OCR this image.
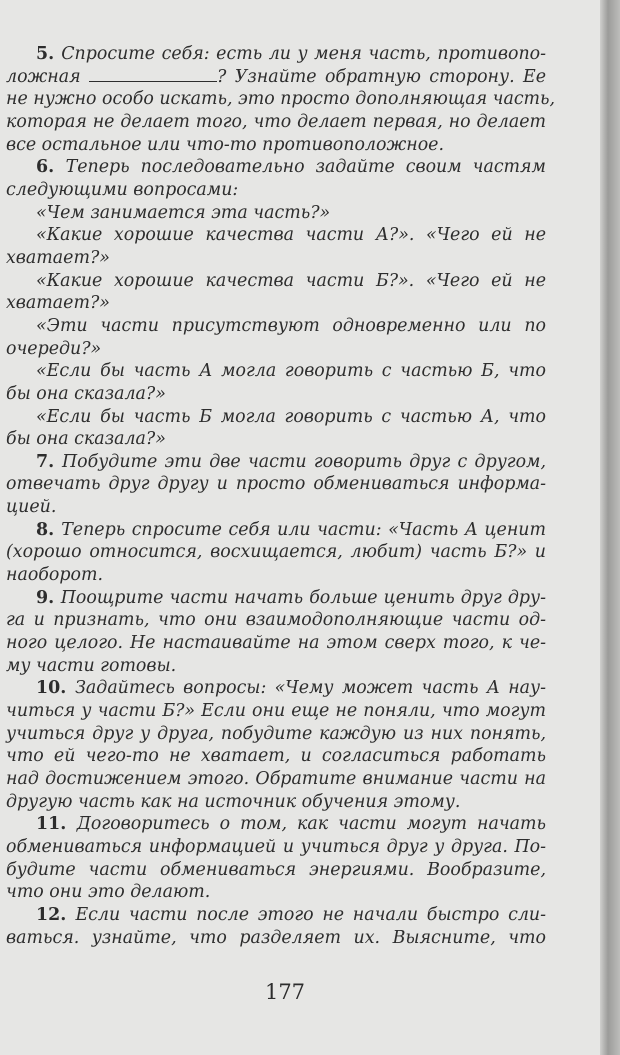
5. Спросите себя: есть ли у меня часть, противопо-
ложная	? Узнайте обратную сторону. Ее
не нужно особо искать, это просто дополняющая часть,
которая не делает того, что делает первая, но делает
все остальное или что-то противоположное.
6. Теперь последовательно задайте своим частям
следующими вопросами:
«Чем занимается эта часть?»
«Какие хорошие качества части А?». «Чего ей не
хватает?»
«Какие хорошие качества части Б?». «Чего ей не
хватает?»
«Эти части присутствуют одновременно или по
очереди?»
«Если бы часть А могла говорить с частью Б, что
бы она сказала?»
«Если бы часть Б могла говорить с частью А, что
бы она сказала?»
7. Побудите эти две части говорить друг с другом,
отвечать друг другу и просто обмениваться информа-
цией.
8. Теперь спросите себя или части: «Часть А ценит
(хорошо относится, восхищается, любит) часть Б?» и
наоборот.
9. Поощрите части начать больше ценить друг дру-
га и признать, что они взаимодополняющие части од-
ного целого. Не настаивайте на этом сверх того, к че-
му части готовы.
10. Задайтесь вопросы: «Чему может часть А нау-
читься у части Б?» Если они еще не поняли, что могут
учиться друг у друга, побудите каждую из них понять,
что ей чего-то не хватает, и согласиться работать
над достижением этого. Обратите внимание части на
другую часть как на источник обучения этому.
11. Договоритесь о том, как части могут начать
обмениваться информацией и учиться друг у друга. По-
будите части обмениваться энергиями. Вообразите,
что они это делают.
12. Если части после этого не начали быстро сли-
ваться. узнайте, что разделяет их. Выясните, что
177
